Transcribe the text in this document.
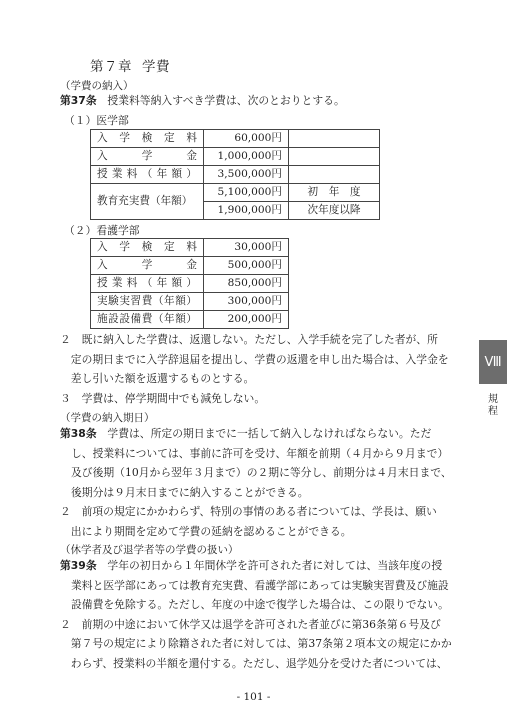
第７章 学費
（学費の納入）
第37条　 授業料等納入すべき学費は、次のとおりとする。
（１）医学部
入学検定料	60,000円	
入学金	1,000,000円	
授業料（年額）	3,500,000円	
教育充実費（年額）	5,100,000円	初　年　度
	1,900,000円	次年度以降
（２）看護学部
入学検定料	30,000円
入学金	500,000円
授業料（年額）	850,000円
実験実習費（年額）	300,000円
施設設備費（年額）	200,000円
２　既に納入した学費は、返還しない。ただし、入学手続を完了した者が、所
　定の期日までに入学辞退届を提出し、学費の返還を申し出た場合は、入学金を
　差し引いた額を返還するものとする。
３　学費は、停学期間中でも減免しない。
（学費の納入期日）
第38条　 学費は、所定の期日までに一括して納入しなければならない。ただ
し、授業料については、事前に許可を受け、年額を前期（４月から９月まで）
及び後期（10月から翌年３月まで）の２期に等分し、前期分は４月末日まで、
後期分は９月末日までに納入することができる。
２　前項の規定にかかわらず、特別の事情のある者については、学長は、願い
　出により期間を定めて学費の延納を認めることができる。
（休学者及び退学者等の学費の扱い）
第39条　 学年の初日から１年間休学を許可された者に対しては、当該年度の授
業料と医学部にあっては教育充実費、看護学部にあっては実験実習費及び施設
設備費を免除する。ただし、年度の中途で復学した場合は、この限りでない。
２　前期の中途において休学又は退学を許可された者並びに第36条第６号及び
　第７号の規定により除籍された者に対しては、第37条第２項本文の規定にかか
　わらず、授業料の半額を還付する。ただし、退学処分を受けた者については、
Ⅷ
規程
- 101 -
